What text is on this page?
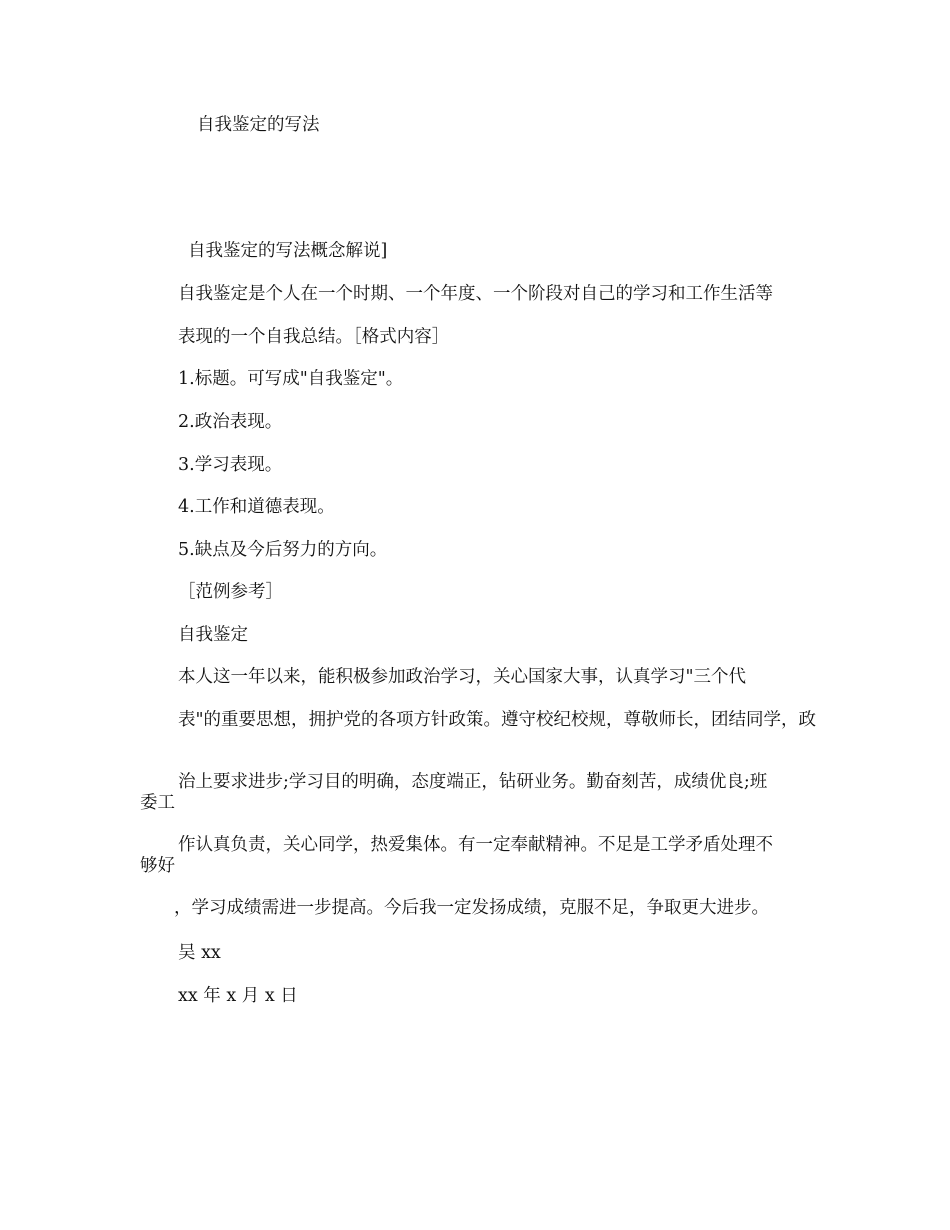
自我鉴定的写法
自我鉴定的写法概念解说]
自我鉴定是个人在一个时期、一个年度、一个阶段对自己的学习和工作生活等
表现的一个自我总结。［格式内容］
1.标题。可写成"自我鉴定"。
2.政治表现。
3.学习表现。
4.工作和道德表现。
5.缺点及今后努力的方向。
［范例参考］
自我鉴定
本人这一年以来，能积极参加政治学习，关心国家大事，认真学习"三个代
表"的重要思想，拥护党的各项方针政策。遵守校纪校规，尊敬师长，团结同学，政
治上要求进步;学习目的明确，态度端正，钻研业务。勤奋刻苦，成绩优良;班委工
作认真负责，关心同学，热爱集体。有一定奉献精神。不足是工学矛盾处理不够好
，学习成绩需进一步提高。今后我一定发扬成绩，克服不足，争取更大进步。
吴 xx
xx 年 x 月 x 日
